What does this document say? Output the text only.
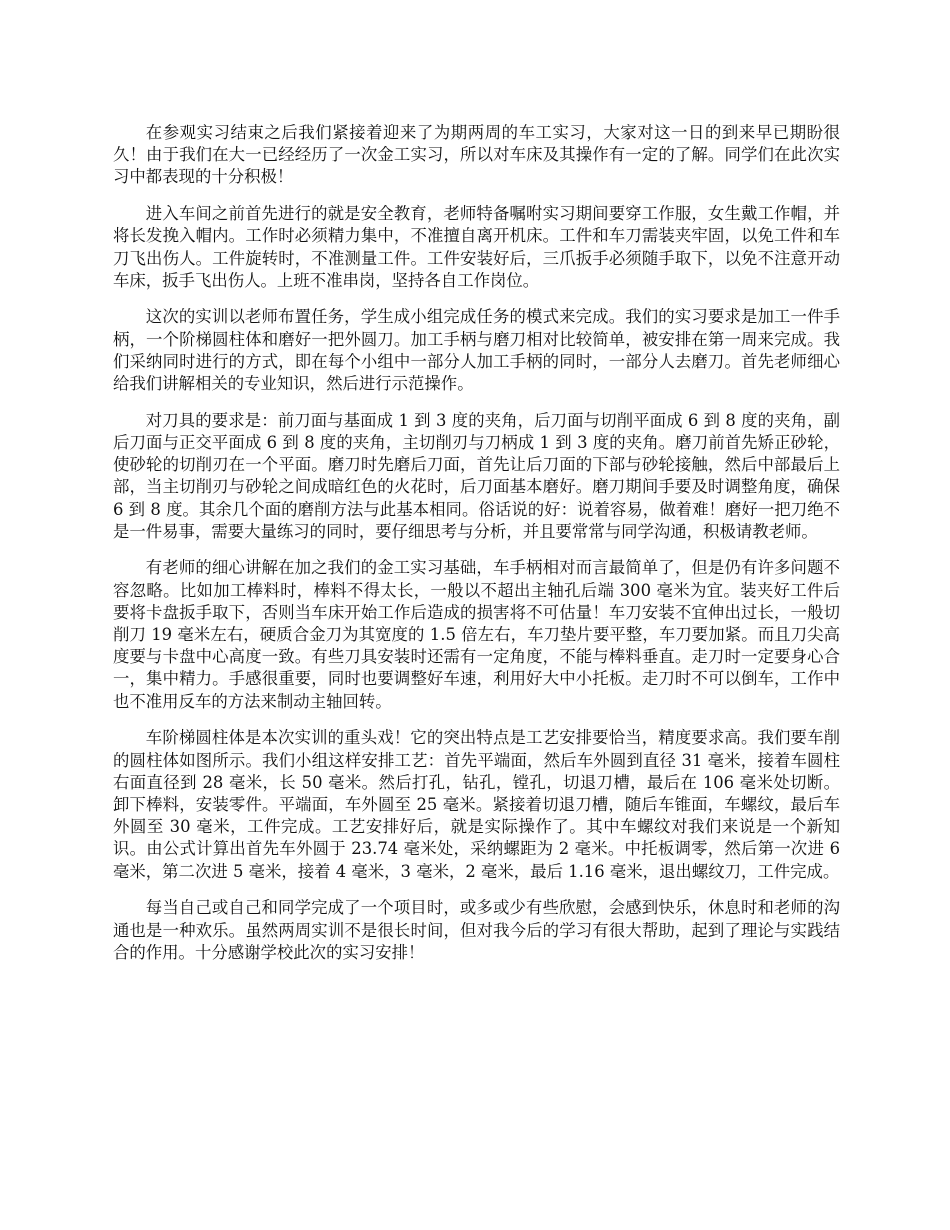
在参观实习结束之后我们紧接着迎来了为期两周的车工实习，大家对这一日的到来早已期盼很久！由于我们在大一已经经历了一次金工实习，所以对车床及其操作有一定的了解。同学们在此次实习中都表现的十分积极！

进入车间之前首先进行的就是安全教育，老师特备嘱咐实习期间要穿工作服，女生戴工作帽，并将长发挽入帽内。工作时必须精力集中，不准擅自离开机床。工件和车刀需装夹牢固，以免工件和车刀飞出伤人。工件旋转时，不准测量工件。工件安装好后，三爪扳手必须随手取下，以免不注意开动车床，扳手飞出伤人。上班不准串岗，坚持各自工作岗位。

这次的实训以老师布置任务，学生成小组完成任务的模式来完成。我们的实习要求是加工一件手柄，一个阶梯圆柱体和磨好一把外圆刀。加工手柄与磨刀相对比较简单，被安排在第一周来完成。我们采纳同时进行的方式，即在每个小组中一部分人加工手柄的同时，一部分人去磨刀。首先老师细心给我们讲解相关的专业知识，然后进行示范操作。

对刀具的要求是：前刀面与基面成 1 到 3 度的夹角，后刀面与切削平面成 6 到 8 度的夹角，副后刀面与正交平面成 6 到 8 度的夹角，主切削刃与刀柄成 1 到 3 度的夹角。磨刀前首先矫正砂轮，使砂轮的切削刃在一个平面。磨刀时先磨后刀面，首先让后刀面的下部与砂轮接触，然后中部最后上部，当主切削刃与砂轮之间成暗红色的火花时，后刀面基本磨好。磨刀期间手要及时调整角度，确保 6 到 8 度。其余几个面的磨削方法与此基本相同。俗话说的好：说着容易，做着难！磨好一把刀绝不是一件易事，需要大量练习的同时，要仔细思考与分析，并且要常常与同学沟通，积极请教老师。

有老师的细心讲解在加之我们的金工实习基础，车手柄相对而言最简单了，但是仍有许多问题不容忽略。比如加工棒料时，棒料不得太长，一般以不超出主轴孔后端 300 毫米为宜。装夹好工件后要将卡盘扳手取下，否则当车床开始工作后造成的损害将不可估量！车刀安装不宜伸出过长，一般切削刀 19 毫米左右，硬质合金刀为其宽度的 1.5 倍左右，车刀垫片要平整，车刀要加紧。而且刀尖高度要与卡盘中心高度一致。有些刀具安装时还需有一定角度，不能与棒料垂直。走刀时一定要身心合一，集中精力。手感很重要，同时也要调整好车速，利用好大中小托板。走刀时不可以倒车，工作中也不准用反车的方法来制动主轴回转。

车阶梯圆柱体是本次实训的重头戏！它的突出特点是工艺安排要恰当，精度要求高。我们要车削的圆柱体如图所示。我们小组这样安排工艺：首先平端面，然后车外圆到直径 31 毫米，接着车圆柱右面直径到 28 毫米，长 50 毫米。然后打孔，钻孔，镗孔，切退刀槽，最后在 106 毫米处切断。卸下棒料，安装零件。平端面，车外圆至 25 毫米。紧接着切退刀槽，随后车锥面，车螺纹，最后车外圆至 30 毫米，工件完成。工艺安排好后，就是实际操作了。其中车螺纹对我们来说是一个新知识。由公式计算出首先车外圆于 23.74 毫米处，采纳螺距为 2 毫米。中托板调零，然后第一次进 6 毫米，第二次进 5 毫米，接着 4 毫米，3 毫米，2 毫米，最后 1.16 毫米，退出螺纹刀，工件完成。

每当自己或自己和同学完成了一个项目时，或多或少有些欣慰，会感到快乐，休息时和老师的沟通也是一种欢乐。虽然两周实训不是很长时间，但对我今后的学习有很大帮助，起到了理论与实践结合的作用。十分感谢学校此次的实习安排！
